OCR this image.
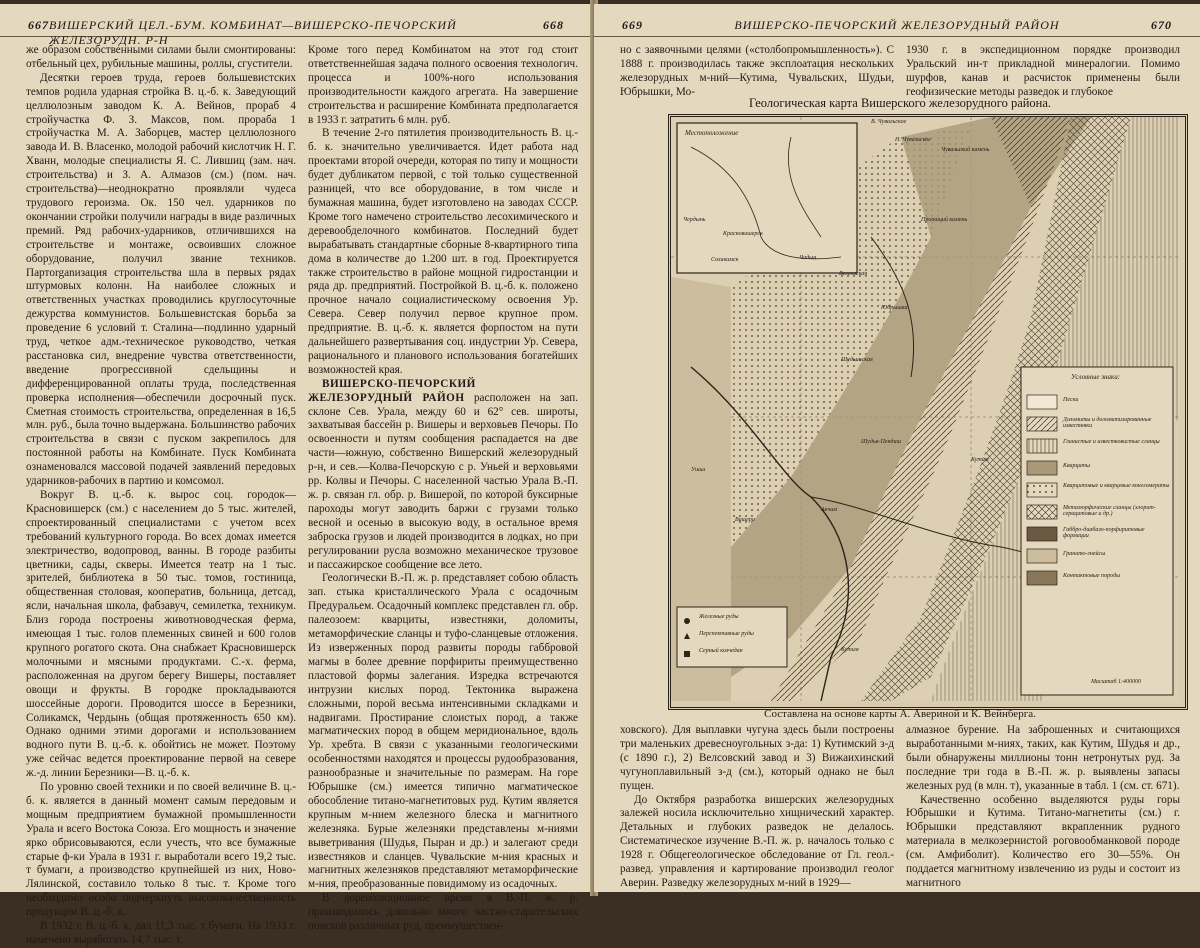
667 ВИШЕРСКИЙ ЦЕЛ.-БУМ. КОМБИНАТ—ВИШЕРСКО-ПЕЧОРСКИЙ ЖЕЛЕЗОРУДН. Р-Н
668

же образом собственными силами были смонтированы: отбельный цех, рубильные машины, роллы, сгустители.

Десятки героев труда, героев большевистских темпов родила ударная стройка В. ц.-б. к. Заведующий целлюлозным заводом К. А. Вейнов, прораб 4 стройучастка Ф. З. Максов, пом. прораба 1 стройучастка М. А. Заборцев, мастер целлюлозного завода И. В. Власенко, молодой рабочий кислотчик Н. Г. Хванн, молодые специалисты Я. С. Лившиц (зам. нач. строительства) и З. А. Алмазов (см.) (пом. нач. строительства)—неоднократно проявляли чудеса трудового героизма. Ок. 150 чел. ударников по окончании стройки получили награды в виде различных премий. Ряд рабочих-ударников, отличившихся на строительстве и монтаже, освоивших сложное оборудование, получил звание техников. Партorganизация строительства шла в первых рядах штурмовых колонн. На наиболее сложных и ответственных участках проводились круглосуточные дежурства коммунистов. Большевистская борьба за проведение 6 условий т. Сталина—подлинно ударный труд, четкое адм.-техническое руководство, четкая расстановка сил, внедрение чувства ответственности, введение прогрессивной сдельщины и дифференцированной оплаты труда, последственная проверка исполнения—обеспечили досрочный пуск. Сметная стоимость строительства, определенная в 16,5 млн. руб., была точно выдержана. Большинство рабочих строительства в связи с пуском закрепилось для постоянной работы на Комбинате. Пуск Комбината ознаменовался массовой подачей заявлений передовых ударников-рабочих в партию и комсомол.

Вокруг В. ц.-б. к. вырос соц. городок—Красновишерск (см.) с населением до 5 тыс. жителей, спроектированный специалистами с учетом всех требований культурного города. Во всех домах имеется электричество, водопровод, ванны. В городе разбиты цветники, сады, скверы. Имеется театр на 1 тыс. зрителей, библиотека в 50 тыс. томов, гостиница, общественная столовая, кооператив, больница, детсад, ясли, начальная школа, фабзавуч, семилетка, техникум. Близ города построены животноводческая ферма, имеющая 1 тыс. голов племенных свиней и 600 голов крупного рогатого скота. Она снабжает Красновишерск молочными и мясными продуктами. С.-х. ферма, расположенная на другом берегу Вишеры, поставляет овощи и фрукты. В городке прокладываются шоссейные дороги. Проводится шоссе в Березники, Соликамск, Чердынь (общая протяженность 650 км). Однако одними этими дорогами и использованием водного пути В. ц.-б. к. обойтись не может. Поэтому уже сейчас ведется проектирование первой на севере ж.-д. линии Березники—В. ц.-б. к.

По уровню своей техники и по своей величине В. ц.-б. к. является в данный момент самым передовым и мощным предприятием бумажной промышленности Урала и всего Востока Союза. Его мощность и значение ярко обрисовываются, если учесть, что все бумажные старые ф-ки Урала в 1931 г. выработали всего 19,2 тыс. т бумаги, а производство крупнейшей из них, Ново-Лялинской, составило только 8 тыс. т. Кроме того необходимо особо подчеркнуть высококачественность продукции В. ц.-б. к.

В 1932 г. В. ц.-б. к. дал 11,3 тыс. т бумаги. На 1933 г. намечено выработать 14,7 тыс. т.

Кроме того перед Комбинатом на этот год стоит ответственнейшая задача полного освоения технологич. процесса и 100%-ного использования производительности каждого агрегата. На завершение строительства и расширение Комбината предполагается в 1933 г. затратить 6 млн. руб.

В течение 2-го пятилетия производительность В. ц.-б. к. значительно увеличивается. Идет работа над проектами второй очереди, которая по типу и мощности будет дубликатом первой, с той только существенной разницей, что все оборудование, в том числе и бумажная машина, будет изготовлено на заводах СССР. Кроме того намечено строительство лесохимического и деревообделочного комбинатов. Последний будет вырабатывать стандартные сборные 8-квартирного типа дома в количестве до 1.200 шт. в год. Проектируется также строительство в районе мощной гидростанции и ряда др. предприятий. Постройкой В. ц.-б. к. положено прочное начало социалистическому освоения Ур. Севера. Север получил первое крупное пром. предприятие. В. ц.-б. к. является форпостом на пути дальнейшего развертывания соц. индустрии Ур. Севера, рационального и планового использования богатейших возможностей края.

ВИШЕРСКО-ПЕЧОРСКИЙ ЖЕЛЕЗОРУДНЫЙ РАЙОН расположен на зап. склоне Сев. Урала, между 60 и 62° сев. широты, захватывая бассейн р. Вишеры и верховьев Печоры. По освоенности и путям сообщения распадается на две части—южную, собственно Вишерский железорудный р-н, и сев.—Колва-Печорскую с р. Уньей и верховьями рр. Колвы и Печоры. С населенной частью Урала В.-П. ж. р. связан гл. обр. р. Вишерой, по которой буксирные пароходы могут заводить баржи с грузами только весной и осенью в высокую воду, в остальное время заброска грузов и людей производится в лодках, но при регулировании русла возможно механическое трузовое и пассажирское сообщение все лето.

Геологически В.-П. ж. р. представляет собою область зап. стыка кристаллического Урала с осадочным Предуральем. Осадочный комплекс представлен гл. обр. палеозоем: кварциты, известняки, доломиты, метаморфические сланцы и туфо-сланцевые отложения. Из изверженных пород развиты породы габбровой магмы в более древние порфириты преимущественно пластовой формы залегания. Изредка встречаются интрузии кислых пород. Тектоника выражена сложными, порой весьма интенсивными складками и надвигами. Простирание слоистых пород, а также магматических пород в общем меридиональное, вдоль Ур. хребта. В связи с указанными геологическими особенностями находятся и процессы рудообразования, разнообразные и значительные по размерам. На горе Юбрышке (см.) имеется типично магматическое обособление титано-магнетитовых руд. Кутим является крупным м-нием железного блеска и магнитного железняка. Бурые железняки представлены м-ниями выветривания (Шудья, Пыран и др.) и залегают среди известняков и сланцев. Чувальские м-ния красных и магнитных железняков представляют метаморфические м-ния, преобразованные повидимому из осадочных.

В дореволюционное время в В.-П. ж. р. производилось довольно много частно-старательских поисков различных руд, преимуществен-

669	ВИШЕРСКО-ПЕЧОРСКИЙ ЖЕЛЕЗОРУДНЫЙ РАЙОН	670
но с заявочными целями («столбопромышленность»). С 1888 г. производилась также эксплоатация нескольких железорудных м-ний—Кутима, Чувальских, Шудьи, Юбрышки, Мо-
1930 г. в экспедиционном порядке производил Уральский ин-т прикладной минералогии. Помимо шурфов, канав и расчисток применены были геофизические методы разведок и глубокое
Геологическая карта Вишерского железорудного района.
Местоположение
Чердынь
Красновишерск
Соликамск	Чадын
В. Чувальское
Н. Чувальское
Чувальский камень
Пропащий камень
Велсовская
Юбрышка
Шудьинская
Шудья-Пендиш
Кутим
Ушьи
Вишера
Акчим
Кутим
Условные знаки:
Пески
Доломиты и доломитизированные известняки
Глинистые и известковистые сланцы
Кварциты
Кварцитовые и кварцевые конгломераты
Метаморфические сланцы (хлорит-серицитовые и др.)
Габбро-диабазо-порфиритовые формации
Гранито-гнейсы
Контактовые породы
Масштаб 1:400000
Железные руды
Перспективные руды
Серный колчедан
Составлена на основе карты А. Авериной и К. Вейнберга.

ховского). Для выплавки чугуна здесь были построены три маленьких древесноугольных з-да: 1) Кутимский з-д (с 1890 г.), 2) Велсовский завод и 3) Вижаихинский чугуноплавильный з-д (см.), который однако не был пущен.

До Октября разработка вишерских железорудных залежей носила исключительно хищнический характер. Детальных и глубоких разведок не делалось. Систематическое изучение В.-П. ж. р. началось только с 1928 г. Общегеологическое обследование от Гл. геол.-развед. управления и картирование производил геолог Аверин. Разведку железорудных м-ний в 1929—

алмазное бурение. На заброшенных и считающихся выработанными м-ниях, таких, как Кутим, Шудья и др., были обнаружены миллионы тонн нетронутых руд. За последние три года в В.-П. ж. р. выявлены запасы железных руд (в млн. т), указанные в табл. 1 (см. ст. 671).

Качественно особенно выделяются руды горы Юбрышки и Кутима. Титано-магнетиты (см.) г. Юбрышки представляют вкрапленник рудного материала в мелкозернистой роговообманковой породе (см. Амфиболит). Количество его 30—55%. Он поддается магнитному извлечению из руды и состоит из магнитного
